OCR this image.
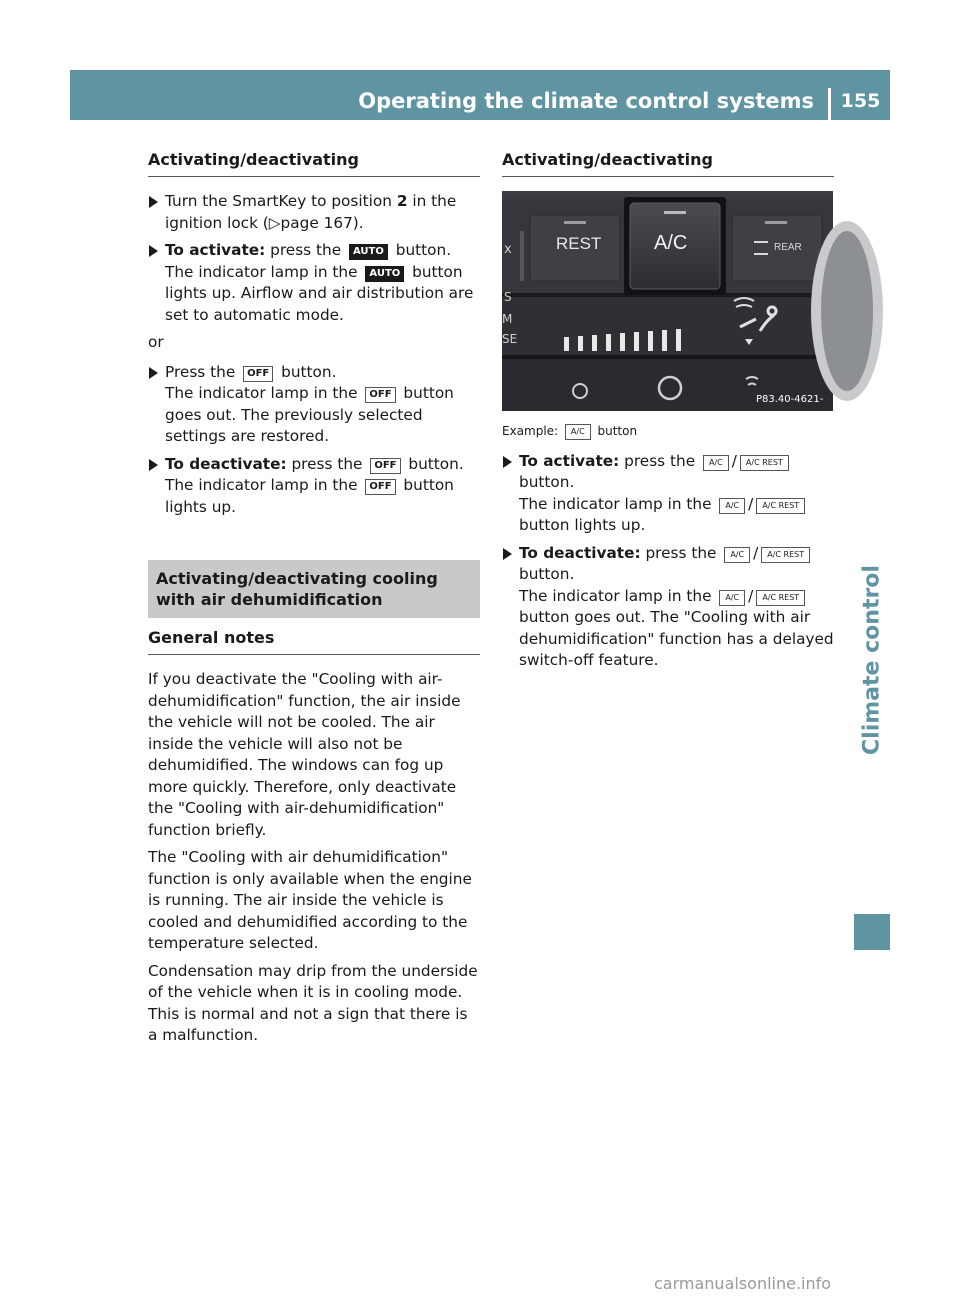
Operating the climate control systems	155
Climate control
Activating/deactivating
Turn the SmartKey to position 2 in the ignition lock (▷page 167).
To activate: press the AUTO button.
The indicator lamp in the AUTO button lights up. Airflow and air distribution are set to automatic mode.
or
Press the OFF button.
The indicator lamp in the OFF button goes out. The previously selected settings are restored.
To deactivate: press the OFF button.
The indicator lamp in the OFF button lights up.
Activating/deactivating cooling with air dehumidification
General notes

If you deactivate the "Cooling with air-dehumidification" function, the air inside the vehicle will not be cooled. The air inside the vehicle will also not be dehumidified. The windows can fog up more quickly. Therefore, only deactivate the "Cooling with air-dehumidification" function briefly.

The "Cooling with air dehumidification" function is only available when the engine is running. The air inside the vehicle is cooled and dehumidified according to the temperature selected.

Condensation may drip from the underside of the vehicle when it is in cooling mode. This is normal and not a sign that there is a malfunction.

Activating/deactivating
REST	A/C	REAR
x
S
M
SE
P83.40-4621-31
Example: A/C button
To activate: press the A/C / A/C REST button.
The indicator lamp in the A/C / A/C REST button lights up.
To deactivate: press the A/C / A/C REST button.
The indicator lamp in the A/C / A/C REST button goes out. The "Cooling with air dehumidification" function has a delayed switch-off feature.
carmanualsonline.info
